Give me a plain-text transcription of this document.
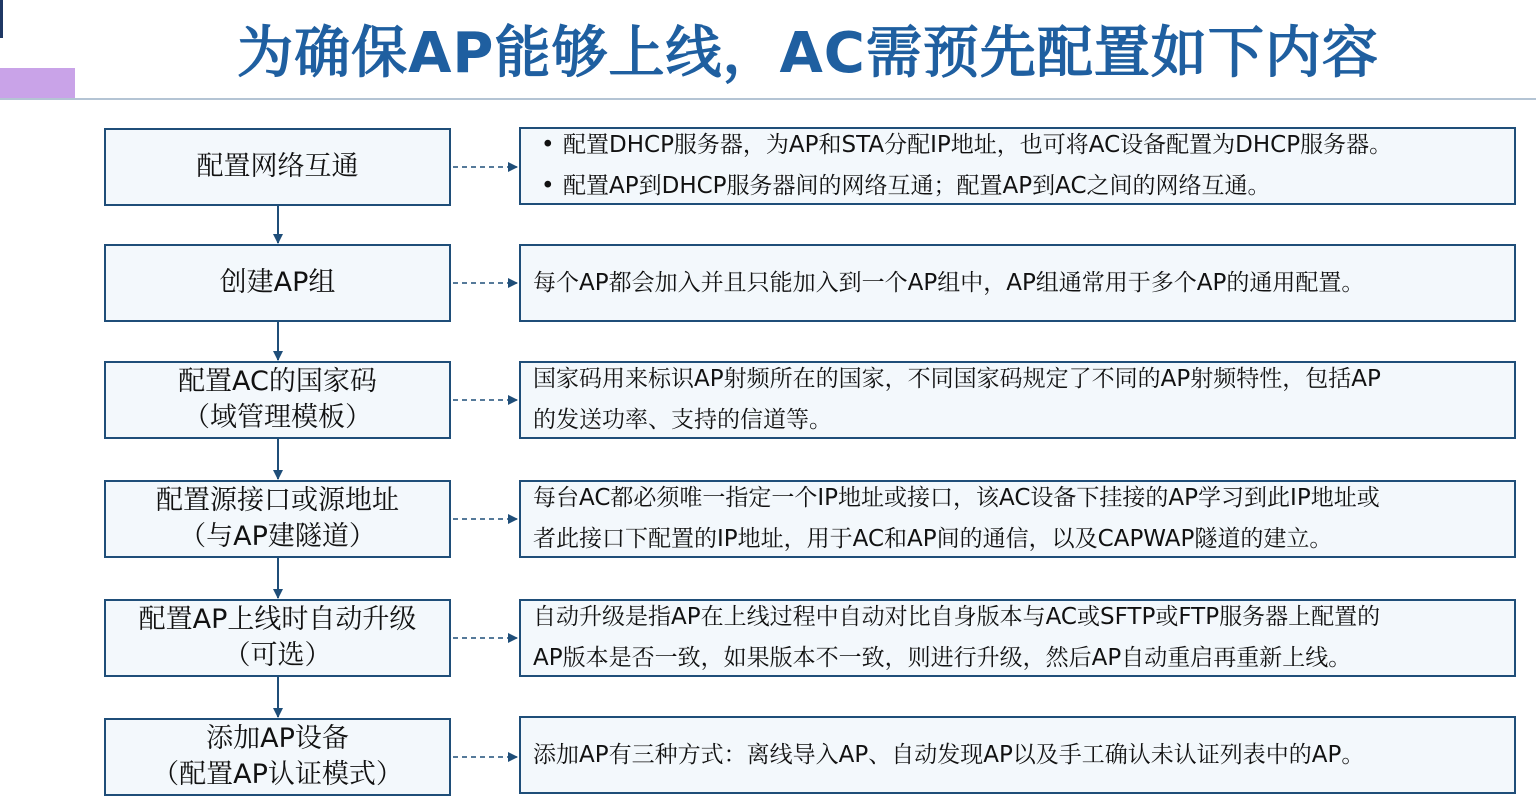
为确保AP能够上线，AC需预先配置如下内容
配置网络互通
• 配置DHCP服务器，为AP和STA分配IP地址，也可将AC设备配置为DHCP服务器。
• 配置AP到DHCP服务器间的网络互通；配置AP到AC之间的网络互通。
创建AP组	每个AP都会加入并且只能加入到一个AP组中，AP组通常用于多个AP的通用配置。
配置AC的国家码
（域管理模板）
国家码用来标识AP射频所在的国家，不同国家码规定了不同的AP射频特性，包括AP
的发送功率、支持的信道等。
配置源接口或源地址
（与AP建隧道）
每台AC都必须唯一指定一个IP地址或接口，该AC设备下挂接的AP学习到此IP地址或
者此接口下配置的IP地址，用于AC和AP间的通信，以及CAPWAP隧道的建立。
配置AP上线时自动升级
（可选）
自动升级是指AP在上线过程中自动对比自身版本与AC或SFTP或FTP服务器上配置的
AP版本是否一致，如果版本不一致，则进行升级，然后AP自动重启再重新上线。
添加AP设备
（配置AP认证模式）
添加AP有三种方式：离线导入AP、自动发现AP以及手工确认未认证列表中的AP。
